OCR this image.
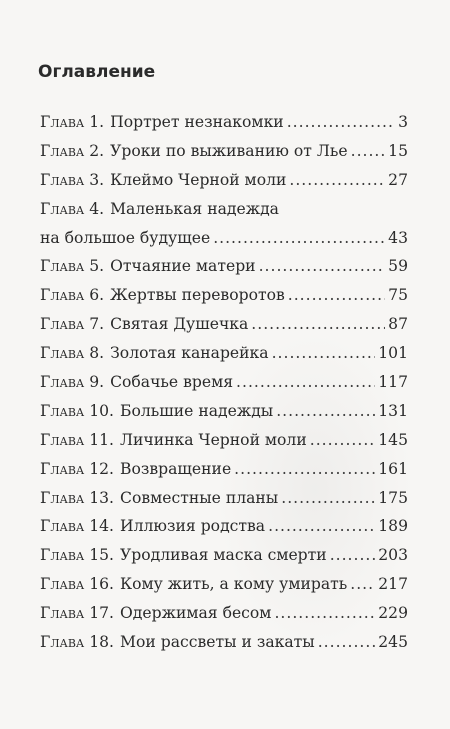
Оглавление
Глава 1. Портрет незнакомки .....	3
Глава 2. Уроки по выживанию от Лье .....	15
Глава 3. Клеймо Черной моли .....	27
Глава 4. Маленькая надежда
на большое будущее .....	43
Глава 5. Отчаяние матери .....	59
Глава 6. Жертвы переворотов .....	75
Глава 7. Святая Душечка .....	87
Глава 8. Золотая канарейка .....	101
Глава 9. Собачье время .....	117
Глава 10. Большие надежды .....	131
Глава 11. Личинка Черной моли .....	145
Глава 12. Возвращение .....	161
Глава 13. Совместные планы .....	175
Глава 14. Иллюзия родства .....	189
Глава 15. Уродливая маска смерти .....	203
Глава 16. Кому жить, а кому умирать ..... 217
Глава 17. Одержимая бесом .....	229
Глава 18. Мои рассветы и закаты .....	245
